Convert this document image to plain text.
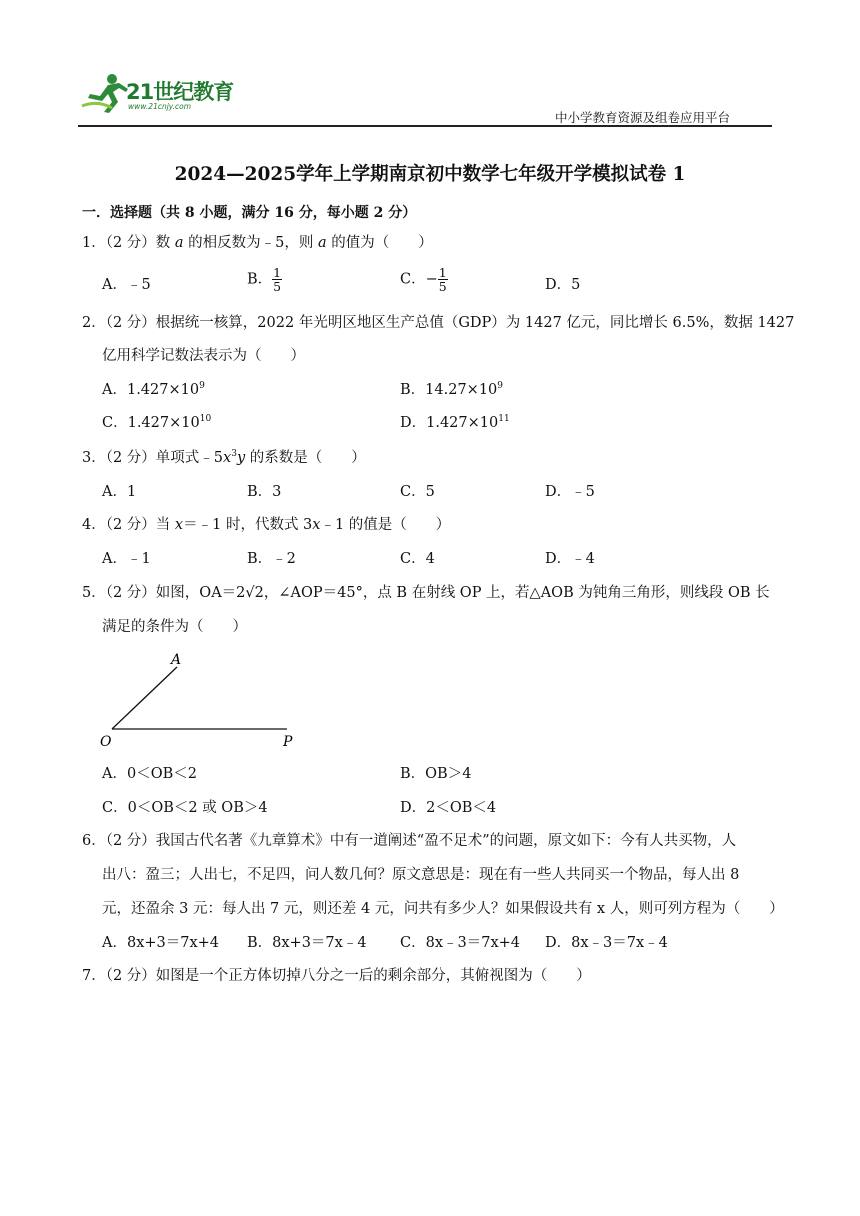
21世纪教育
www.21cnjy.com
中小学教育资源及组卷应用平台
2024—2025学年上学期南京初中数学七年级开学模拟试卷 1
一．选择题（共 8 小题，满分 16 分，每小题 2 分）
1．（2 分）数 a 的相反数为﹣5，则 a 的值为（　　）
A．﹣5	B． $\frac{1}{5}$	C．− $\frac{1}{5}$	D．5
2．（2 分）根据统一核算，2022 年光明区地区生产总值（GDP）为 1427 亿元，同比增长 6.5%，数据 1427
亿用科学记数法表示为（　　）
A．$1.427\times 10^9$	B．$14.27\times 10^9$
C．$1.427\times 10^{10}$	D．$1.427\times 10^{11}$
3．（2 分）单项式$﹣5x^3y$ 的系数是（　　）
A．1	B．3	C．5	D．﹣5
4．（2 分）当 x＝﹣1 时，代数式 3x﹣1 的值是（　　）
A．﹣1	B．﹣2	C．4	D．﹣4
5．（2 分）如图，OA＝2√2，∠AOP＝45°，点 B 在射线 OP 上，若△AOB 为钝角三角形，则线段 OB 长
满足的条件为（　　）
A
O	P
A．0＜OB＜2	B．OB＞4
C．0＜OB＜2 或 OB＞4	D．2＜OB＜4
6．（2 分）我国古代名著《九章算术》中有一道阐述“盈不足术”的问题，原文如下：今有人共买物，人
出八：盈三；人出七，不足四，问人数几何？原文意思是：现在有一些人共同买一个物品，每人出 8
元，还盈余 3 元：每人出 7 元，则还差 4 元，问共有多少人？如果假设共有 x 人，则可列方程为（　　）
A．8x+3＝7x+4 B．8x+3＝7x﹣4 C．8x﹣3＝7x+4 D．8x﹣3＝7x﹣4
7．（2 分）如图是一个正方体切掉八分之一后的剩余部分，其俯视图为（　　）
